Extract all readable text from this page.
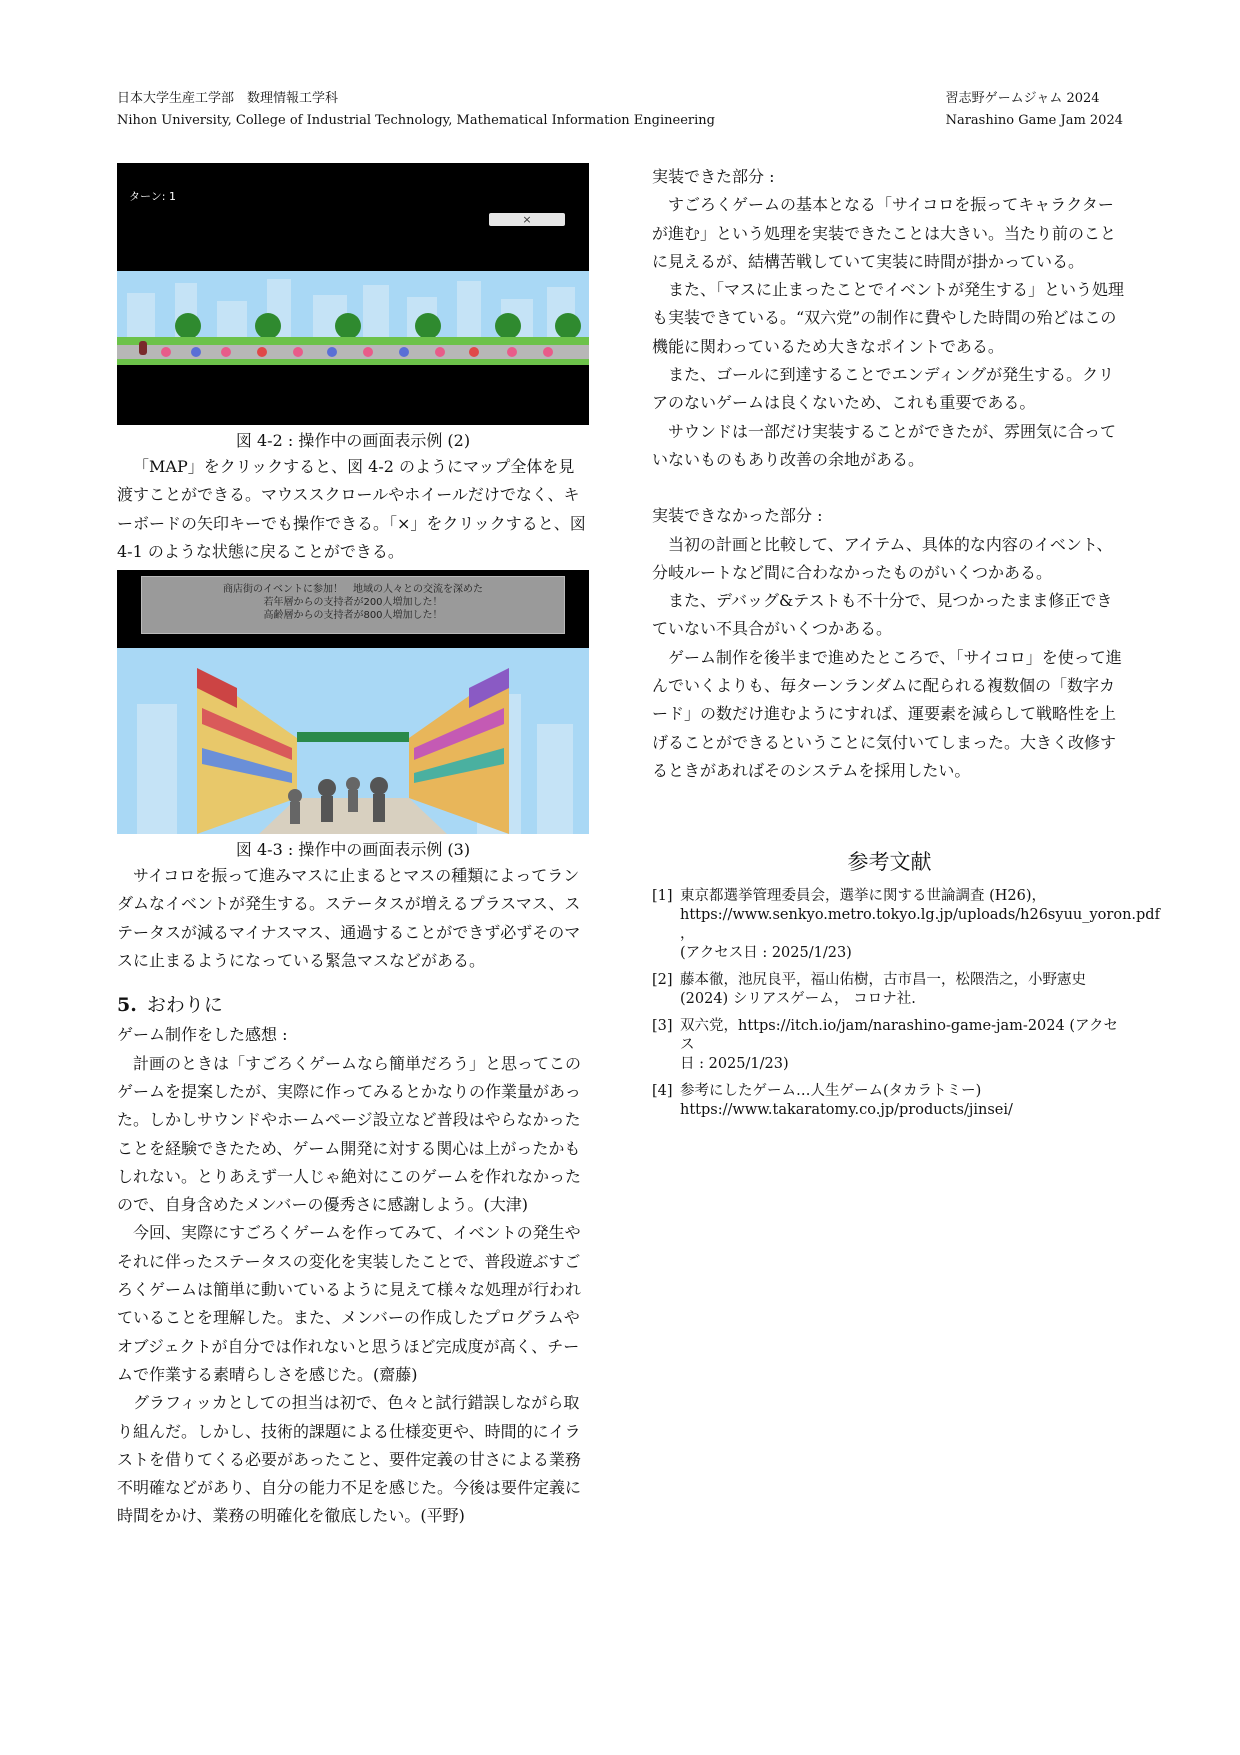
日本大学生産工学部　数理情報工学科
Nihon University, College of Industrial Technology, Mathematical Information Engineering
習志野ゲームジャム 2024
Narashino Game Jam 2024
ターン: 1
×
図 4-2 : 操作中の画面表示例 (2)

「MAP」をクリックすると、図 4-2 のようにマップ全体を見渡すことができる。マウススクロールやホイールだけでなく、キーボードの矢印キーでも操作できる。「×」をクリックすると、図 4-1 のような状態に戻ることができる。

商店街のイベントに参加！　地域の人々との交流を深めた
若年層からの支持者が200人増加した！
高齢層からの支持者が800人増加した！
図 4-3 : 操作中の画面表示例 (3)

サイコロを振って進みマスに止まるとマスの種類によってランダムなイベントが発生する。ステータスが増えるプラスマス、ステータスが減るマイナスマス、通過することができず必ずそのマスに止まるようになっている緊急マスなどがある。

5. おわりに

ゲーム制作をした感想 :

計画のときは「すごろくゲームなら簡単だろう」と思ってこのゲームを提案したが、実際に作ってみるとかなりの作業量があった。しかしサウンドやホームページ設立など普段はやらなかったことを経験できたため、ゲーム開発に対する関心は上がったかもしれない。とりあえず一人じゃ絶対にこのゲームを作れなかったので、自身含めたメンバーの優秀さに感謝しよう。(大津)

今回、実際にすごろくゲームを作ってみて、イベントの発生やそれに伴ったステータスの変化を実装したことで、普段遊ぶすごろくゲームは簡単に動いているように見えて様々な処理が行われていることを理解した。また、メンバーの作成したプログラムやオブジェクトが自分では作れないと思うほど完成度が高く、チームで作業する素晴らしさを感じた。(齋藤)

グラフィッカとしての担当は初で、色々と試行錯誤しながら取り組んだ。しかし、技術的課題による仕様変更や、時間的にイラストを借りてくる必要があったこと、要件定義の甘さによる業務不明確などがあり、自分の能力不足を感じた。今後は要件定義に時間をかけ、業務の明確化を徹底したい。(平野)

実装できた部分 :

すごろくゲームの基本となる「サイコロを振ってキャラクターが進む」という処理を実装できたことは大きい。当たり前のことに見えるが、結構苦戦していて実装に時間が掛かっている。

また、「マスに止まったことでイベントが発生する」という処理も実装できている。“双六党”の制作に費やした時間の殆どはこの機能に関わっているため大きなポイントである。

また、ゴールに到達することでエンディングが発生する。クリアのないゲームは良くないため、これも重要である。

サウンドは一部だけ実装することができたが、雰囲気に合っていないものもあり改善の余地がある。

実装できなかった部分 :

当初の計画と比較して、アイテム、具体的な内容のイベント、分岐ルートなど間に合わなかったものがいくつかある。

また、デバッグ&テストも不十分で、見つかったまま修正できていない不具合がいくつかある。

ゲーム制作を後半まで進めたところで、「サイコロ」を使って進んでいくよりも、毎ターンランダムに配られる複数個の「数字カード」の数だけ進むようにすれば、運要素を減らして戦略性を上げることができるということに気付いてしまった。大きく改修するときがあればそのシステムを採用したい。

参考文献
[1] 東京都選挙管理委員会，選挙に関する世論調査 (H26)，
https://www.senkyo.metro.tokyo.lg.jp/uploads/h26syuu_yoron.pdf ，
(アクセス日 : 2025/1/23)
[2] 藤本徹，池尻良平，福山佑樹，古市昌一，松隈浩之，小野憲史
(2024) シリアスゲーム， コロナ社.
[3] 双六党，https://itch.io/jam/narashino-game-jam-2024 (アクセス
日 : 2025/1/23)
[4] 参考にしたゲーム…人生ゲーム(タカラトミー)
https://www.takaratomy.co.jp/products/jinsei/
